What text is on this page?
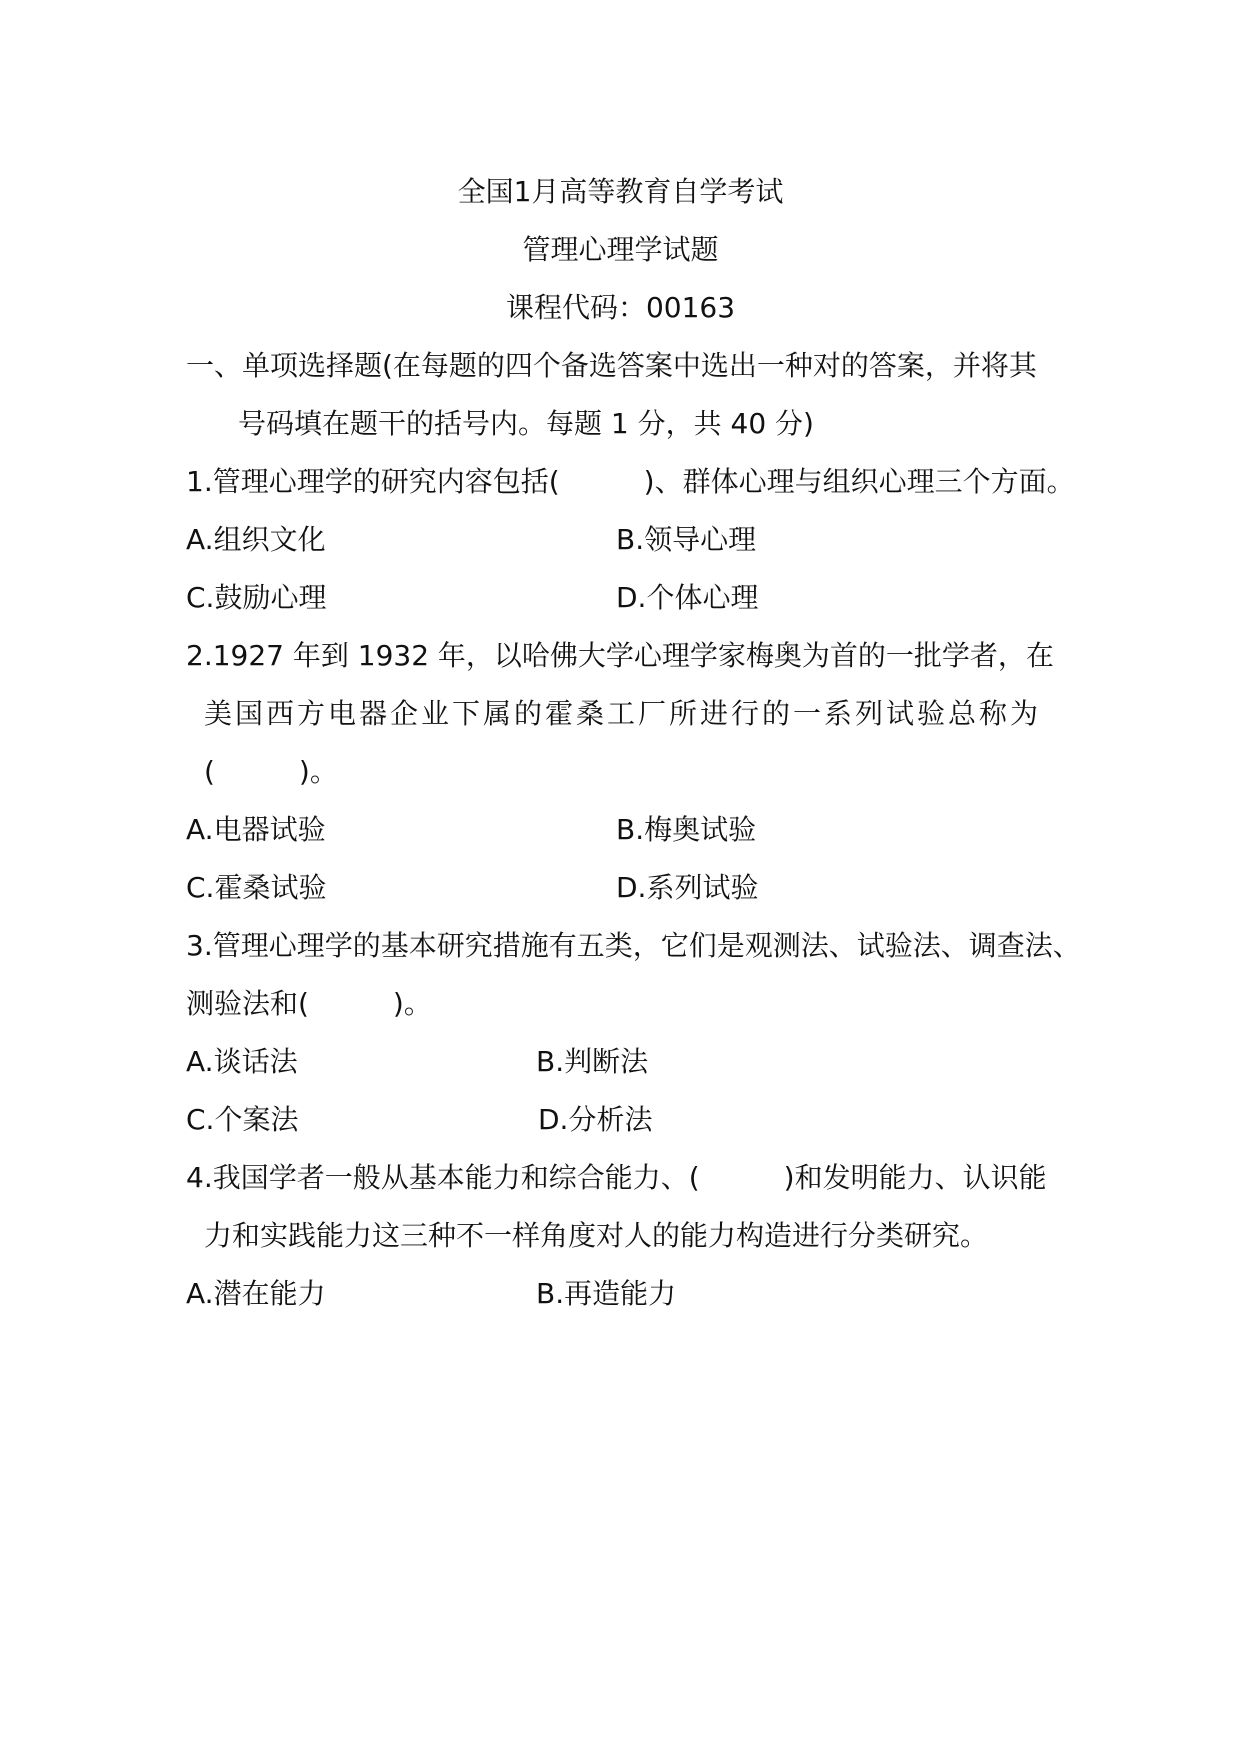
全国1月高等教育自学考试
管理心理学试题
课程代码：00163
一、单项选择题(在每题的四个备选答案中选出一种对的答案，并将其
号码填在题干的括号内。每题 1 分，共 40 分)
1.管理心理学的研究内容包括(　　　)、群体心理与组织心理三个方面。
A.组织文化	B.领导心理
C.鼓励心理	D.个体心理
2.1927 年到 1932 年，以哈佛大学心理学家梅奥为首的一批学者，在
美国西方电器企业下属的霍桑工厂所进行的一系列试验总称为
(　　　)。
A.电器试验	B.梅奥试验
C.霍桑试验	D.系列试验
3.管理心理学的基本研究措施有五类，它们是观测法、试验法、调查法、
测验法和(　　　)。
A.谈话法	B.判断法
C.个案法	D.分析法
4.我国学者一般从基本能力和综合能力、(　　　)和发明能力、认识能
力和实践能力这三种不一样角度对人的能力构造进行分类研究。
A.潜在能力	B.再造能力
